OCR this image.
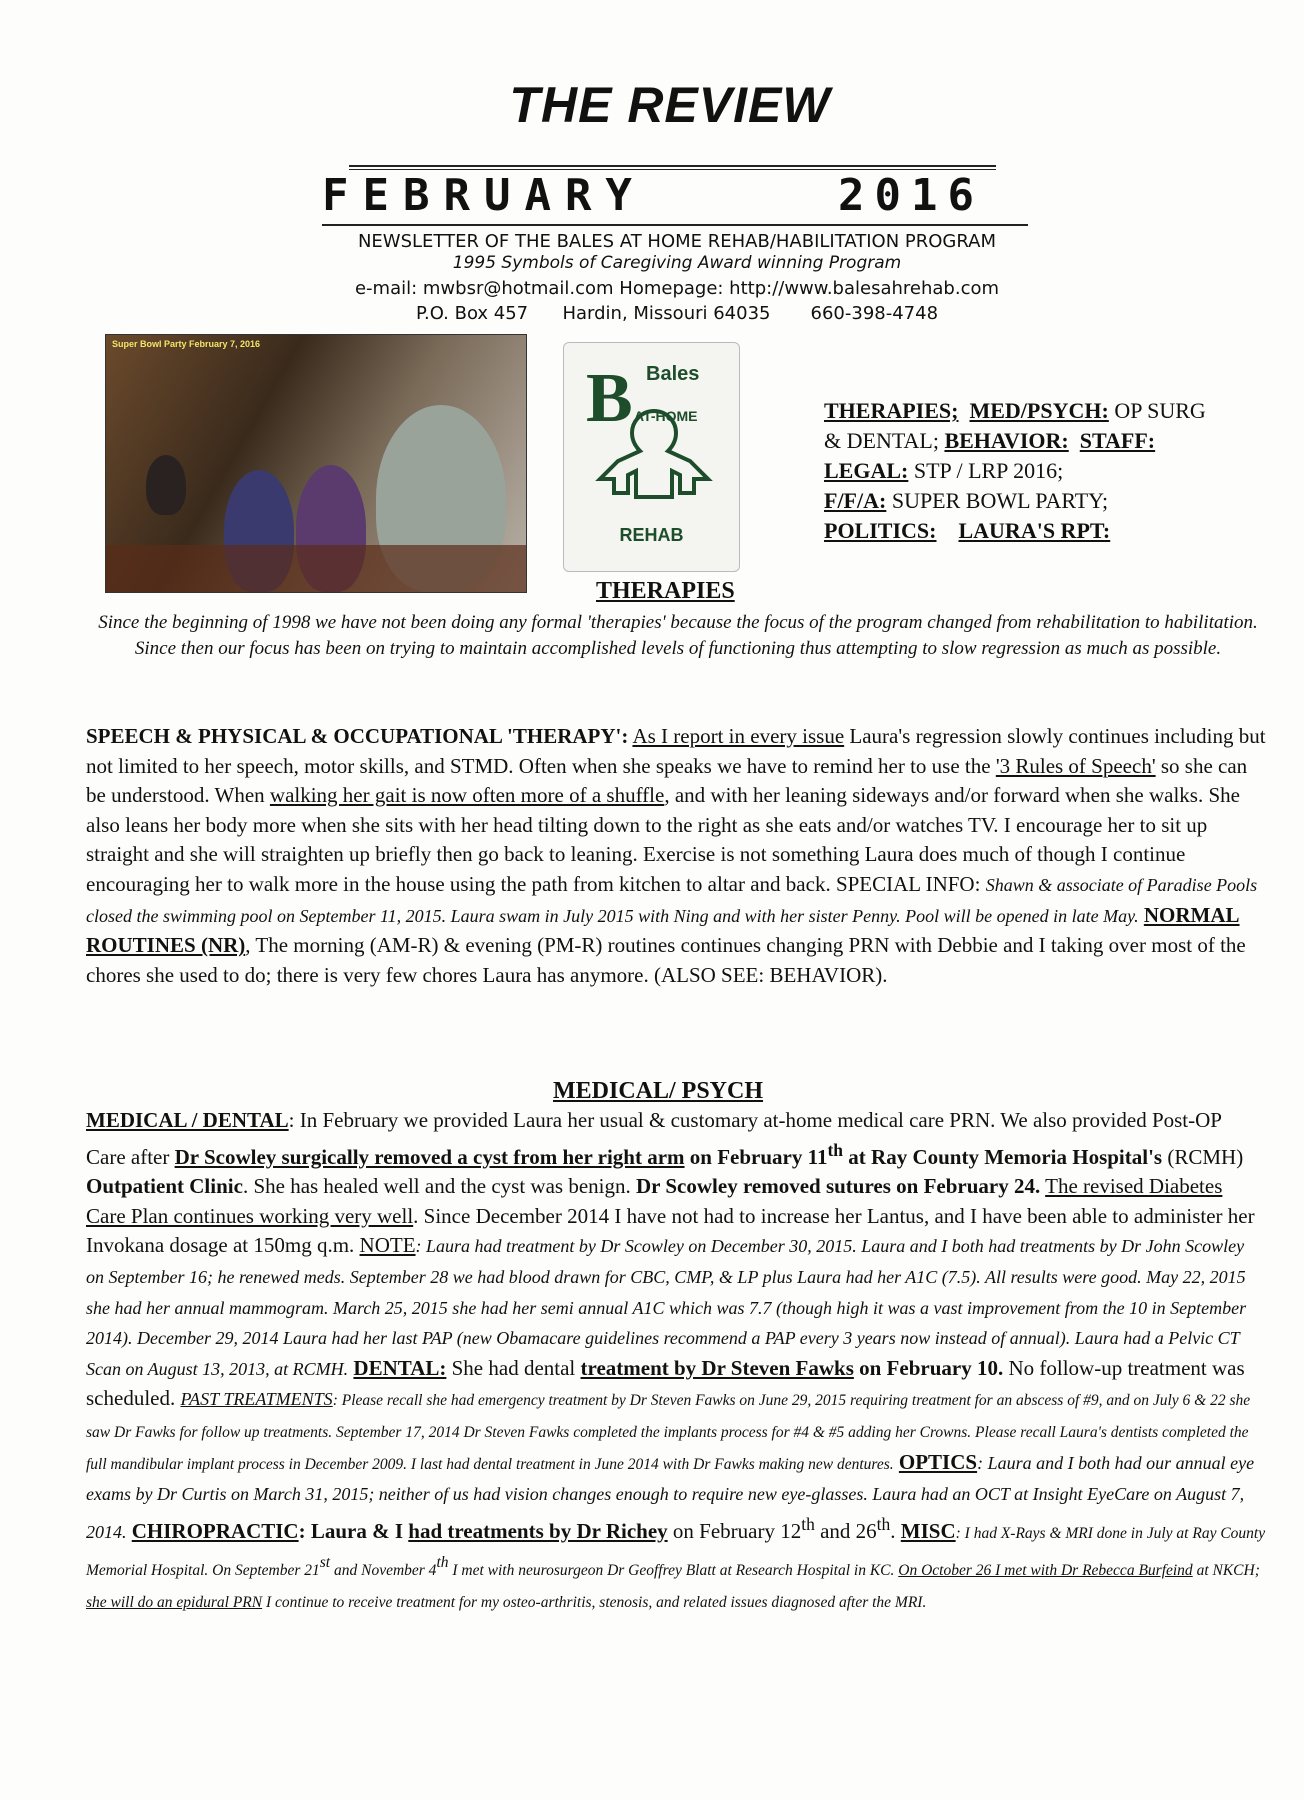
THE REVIEW
FEBRUARY	2016
NEWSLETTER OF THE BALES AT HOME REHAB/HABILITATION PROGRAM
1995 Symbols of Caregiving Award winning Program
e-mail: mwbsr@hotmail.com Homepage: http://www.balesahrehab.com
P.O. Box 457      Hardin, Missouri 64035       660-398-4748
Super Bowl Party February 7, 2016
B Bales
AT-HOME
REHAB
THERAPIES; MED/PSYCH: OP SURG
& DENTAL; BEHAVIOR: STAFF:
LEGAL: STP / LRP 2016;
F/F/A: SUPER BOWL PARTY;
POLITICS: LAURA'S RPT:
THERAPIES
Since the beginning of 1998 we have not been doing any formal 'therapies' because the focus of the program changed from rehabilitation to habilitation. Since then our focus has been on trying to maintain accomplished levels of functioning thus attempting to slow regression as much as possible.
SPEECH & PHYSICAL & OCCUPATIONAL 'THERAPY': As I report in every issue Laura's regression slowly continues including but not limited to her speech, motor skills, and STMD. Often when she speaks we have to remind her to use the '3 Rules of Speech' so she can be understood. When walking her gait is now often more of a shuffle, and with her leaning sideways and/or forward when she walks. She also leans her body more when she sits with her head tilting down to the right as she eats and/or watches TV. I encourage her to sit up straight and she will straighten up briefly then go back to leaning. Exercise is not something Laura does much of though I continue encouraging her to walk more in the house using the path from kitchen to altar and back. SPECIAL INFO: Shawn & associate of Paradise Pools closed the swimming pool on September 11, 2015. Laura swam in July 2015 with Ning and with her sister Penny. Pool will be opened in late May. NORMAL ROUTINES (NR), The morning (AM-R) & evening (PM-R) routines continues changing PRN with Debbie and I taking over most of the chores she used to do; there is very few chores Laura has anymore. (ALSO SEE: BEHAVIOR).
MEDICAL/ PSYCH
MEDICAL / DENTAL: In February we provided Laura her usual & customary at-home medical care PRN. We also provided Post-OP Care after Dr Scowley surgically removed a cyst from her right arm on February 11th at Ray County Memoria Hospital's (RCMH) Outpatient Clinic. She has healed well and the cyst was benign. Dr Scowley removed sutures on February 24. The revised Diabetes Care Plan continues working very well. Since December 2014 I have not had to increase her Lantus, and I have been able to administer her Invokana dosage at 150mg q.m. NOTE: Laura had treatment by Dr Scowley on December 30, 2015. Laura and I both had treatments by Dr John Scowley on September 16; he renewed meds. September 28 we had blood drawn for CBC, CMP, & LP plus Laura had her A1C (7.5). All results were good. May 22, 2015 she had her annual mammogram. March 25, 2015 she had her semi annual A1C which was 7.7 (though high it was a vast improvement from the 10 in September 2014). December 29, 2014 Laura had her last PAP (new Obamacare guidelines recommend a PAP every 3 years now instead of annual). Laura had a Pelvic CT Scan on August 13, 2013, at RCMH. DENTAL: She had dental treatment by Dr Steven Fawks on February 10. No follow-up treatment was scheduled. PAST TREATMENTS: Please recall she had emergency treatment by Dr Steven Fawks on June 29, 2015 requiring treatment for an abscess of #9, and on July 6 & 22 she saw Dr Fawks for follow up treatments. September 17, 2014 Dr Steven Fawks completed the implants process for #4 & #5 adding her Crowns. Please recall Laura's dentists completed the full mandibular implant process in December 2009. I last had dental treatment in June 2014 with Dr Fawks making new dentures. OPTICS: Laura and I both had our annual eye exams by Dr Curtis on March 31, 2015; neither of us had vision changes enough to require new eye-glasses. Laura had an OCT at Insight EyeCare on August 7, 2014. CHIROPRACTIC: Laura & I had treatments by Dr Richey on February 12th and 26th. MISC: I had X-Rays & MRI done in July at Ray County Memorial Hospital. On September 21st and November 4th I met with neurosurgeon Dr Geoffrey Blatt at Research Hospital in KC. On October 26 I met with Dr Rebecca Burfeind at NKCH; she will do an epidural PRN I continue to receive treatment for my osteo-arthritis, stenosis, and related issues diagnosed after the MRI.
